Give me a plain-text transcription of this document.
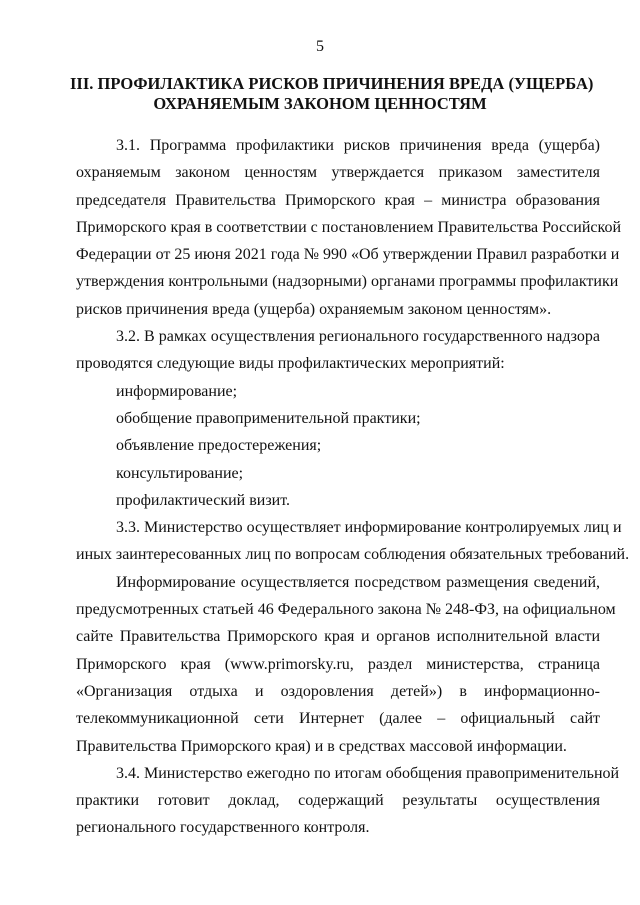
5
III. ПРОФИЛАКТИКА РИСКОВ ПРИЧИНЕНИЯ ВРЕДА (УЩЕРБА)
ОХРАНЯЕМЫМ ЗАКОНОМ ЦЕННОСТЯМ
3.1. Программа профилактики рисков причинения вреда (ущерба)
охраняемым законом ценностям утверждается приказом заместителя
председателя Правительства Приморского края – министра образования
Приморского края в соответствии с постановлением Правительства Российской
Федерации от 25 июня 2021 года № 990 «Об утверждении Правил разработки и
утверждения контрольными (надзорными) органами программы профилактики
рисков причинения вреда (ущерба) охраняемым законом ценностям».
3.2. В рамках осуществления регионального государственного надзора
проводятся следующие виды профилактических мероприятий:
информирование;
обобщение правоприменительной практики;
объявление предостережения;
консультирование;
профилактический визит.
3.3. Министерство осуществляет информирование контролируемых лиц и
иных заинтересованных лиц по вопросам соблюдения обязательных требований.
Информирование осуществляется посредством размещения сведений,
предусмотренных статьей 46 Федерального закона № 248-ФЗ, на официальном
сайте Правительства Приморского края и органов исполнительной власти
Приморского края (www.primorsky.ru, раздел министерства, страница
«Организация отдыха и оздоровления детей») в информационно-
телекоммуникационной сети Интернет (далее – официальный сайт
Правительства Приморского края) и в средствах массовой информации.
3.4. Министерство ежегодно по итогам обобщения правоприменительной
практики готовит доклад, содержащий результаты осуществления
регионального государственного контроля.
